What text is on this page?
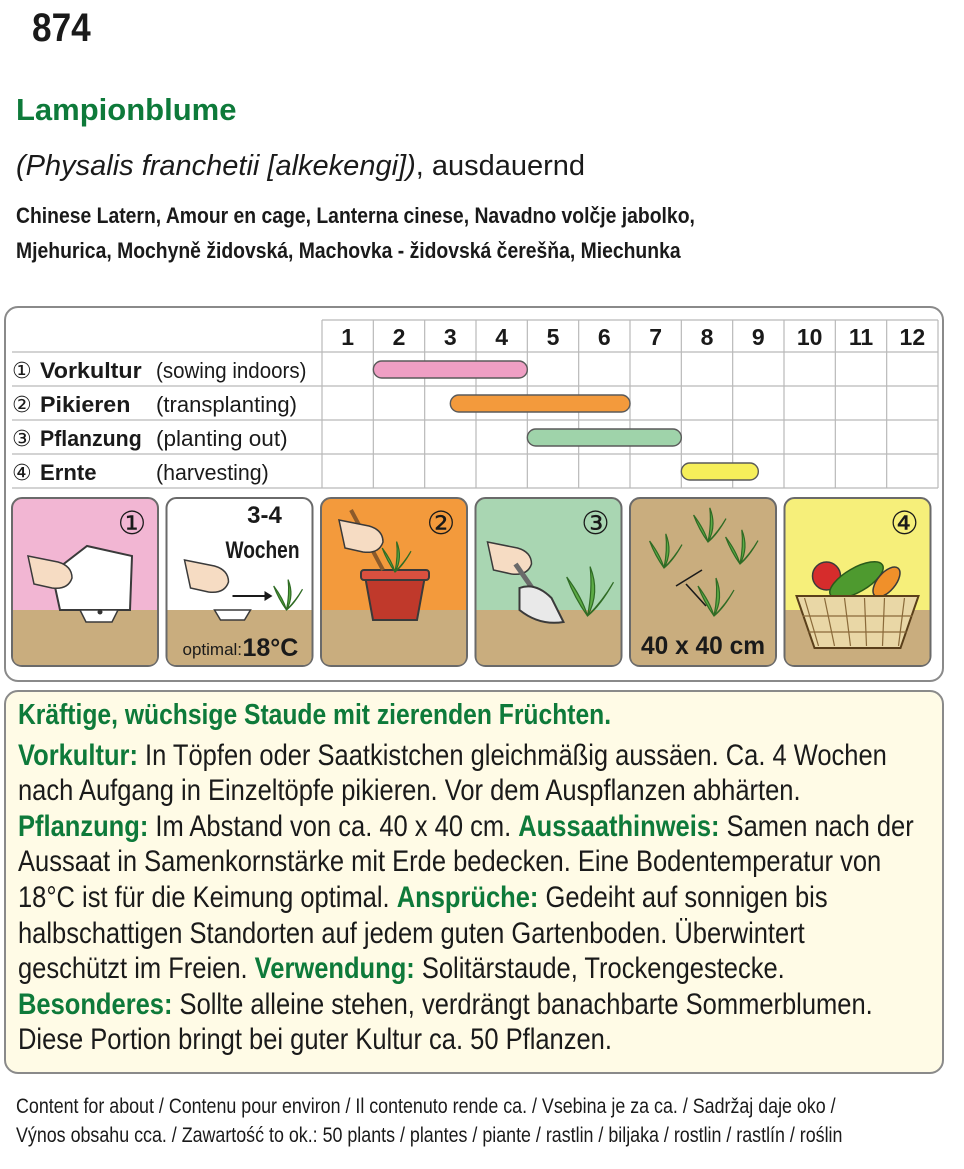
874
Lampionblume
(Physalis franchetii [alkekengi]), ausdauernd
Chinese Latern, Amour en cage, Lanterna cinese, Navadno volčje jabolko,
Mjehurica, Mochyně židovská, Machovka - židovská čerešňa, Miechunka
1 2 3 4 5 6 7 8 9 10 11 12
① Vorkultur (sowing indoors)
② Pikieren (transplanting)
③ Pflanzung (planting out)
④ Ernte	(harvesting)
①	3-4
Wochen
optimal: 18°C
②	③
40 x 40 cm
④
Kräftige, wüchsige Staude mit zierenden Früchten.

Vorkultur: In Töpfen oder Saatkistchen gleichmäßig aussäen. Ca. 4 Wochen nach Aufgang in Einzeltöpfe pikieren. Vor dem Auspflanzen abhärten.

Pflanzung: Im Abstand von ca. 40 x 40 cm. Aussaathinweis: Samen nach der Aussaat in Samenkornstärke mit Erde bedecken. Eine Bodentemperatur von 18°C ist für die Keimung optimal. Ansprüche: Gedeiht auf sonnigen bis halbschattigen Standorten auf jedem guten Gartenboden. Überwintert geschützt im Freien. Verwendung: Solitärstaude, Trockengestecke.

Besonderes: Sollte alleine stehen, verdrängt banachbarte Sommerblumen. Diese Portion bringt bei guter Kultur ca. 50 Pflanzen.

Content for about / Contenu pour environ / Il contenuto rende ca. / Vsebina je za ca. / Sadržaj daje oko /
Výnos obsahu cca. / Zawartość to ok.: 50 plants / plantes / piante / rastlin / biljaka / rostlin / rastlín / roślin
